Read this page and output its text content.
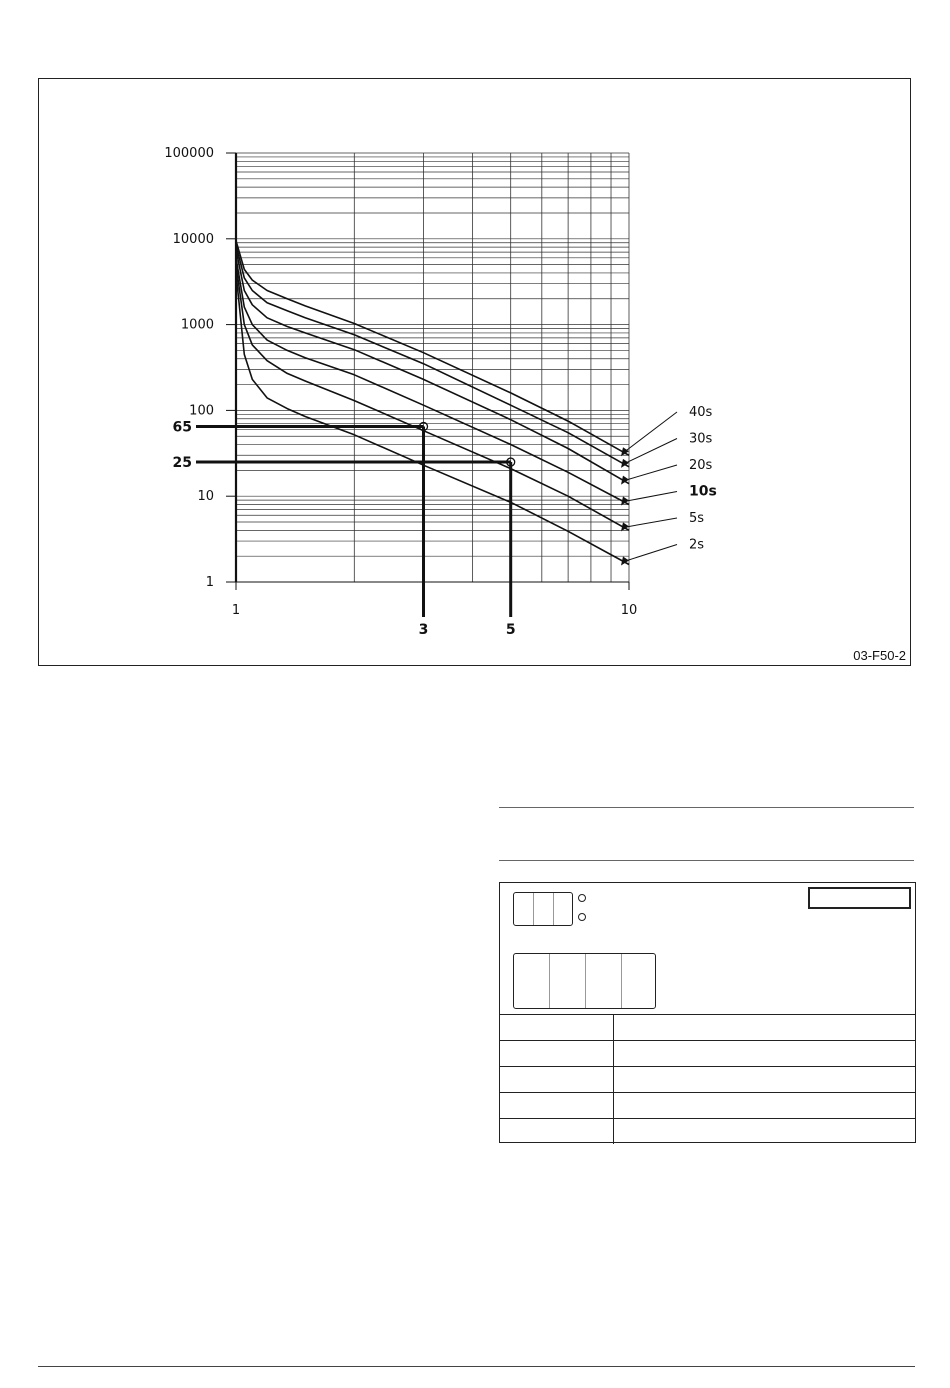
1
10
100
1000
10000
100000
1	10
40s
30s
20s
10s
5s
2s
65
3
25
5
03-F50-2
